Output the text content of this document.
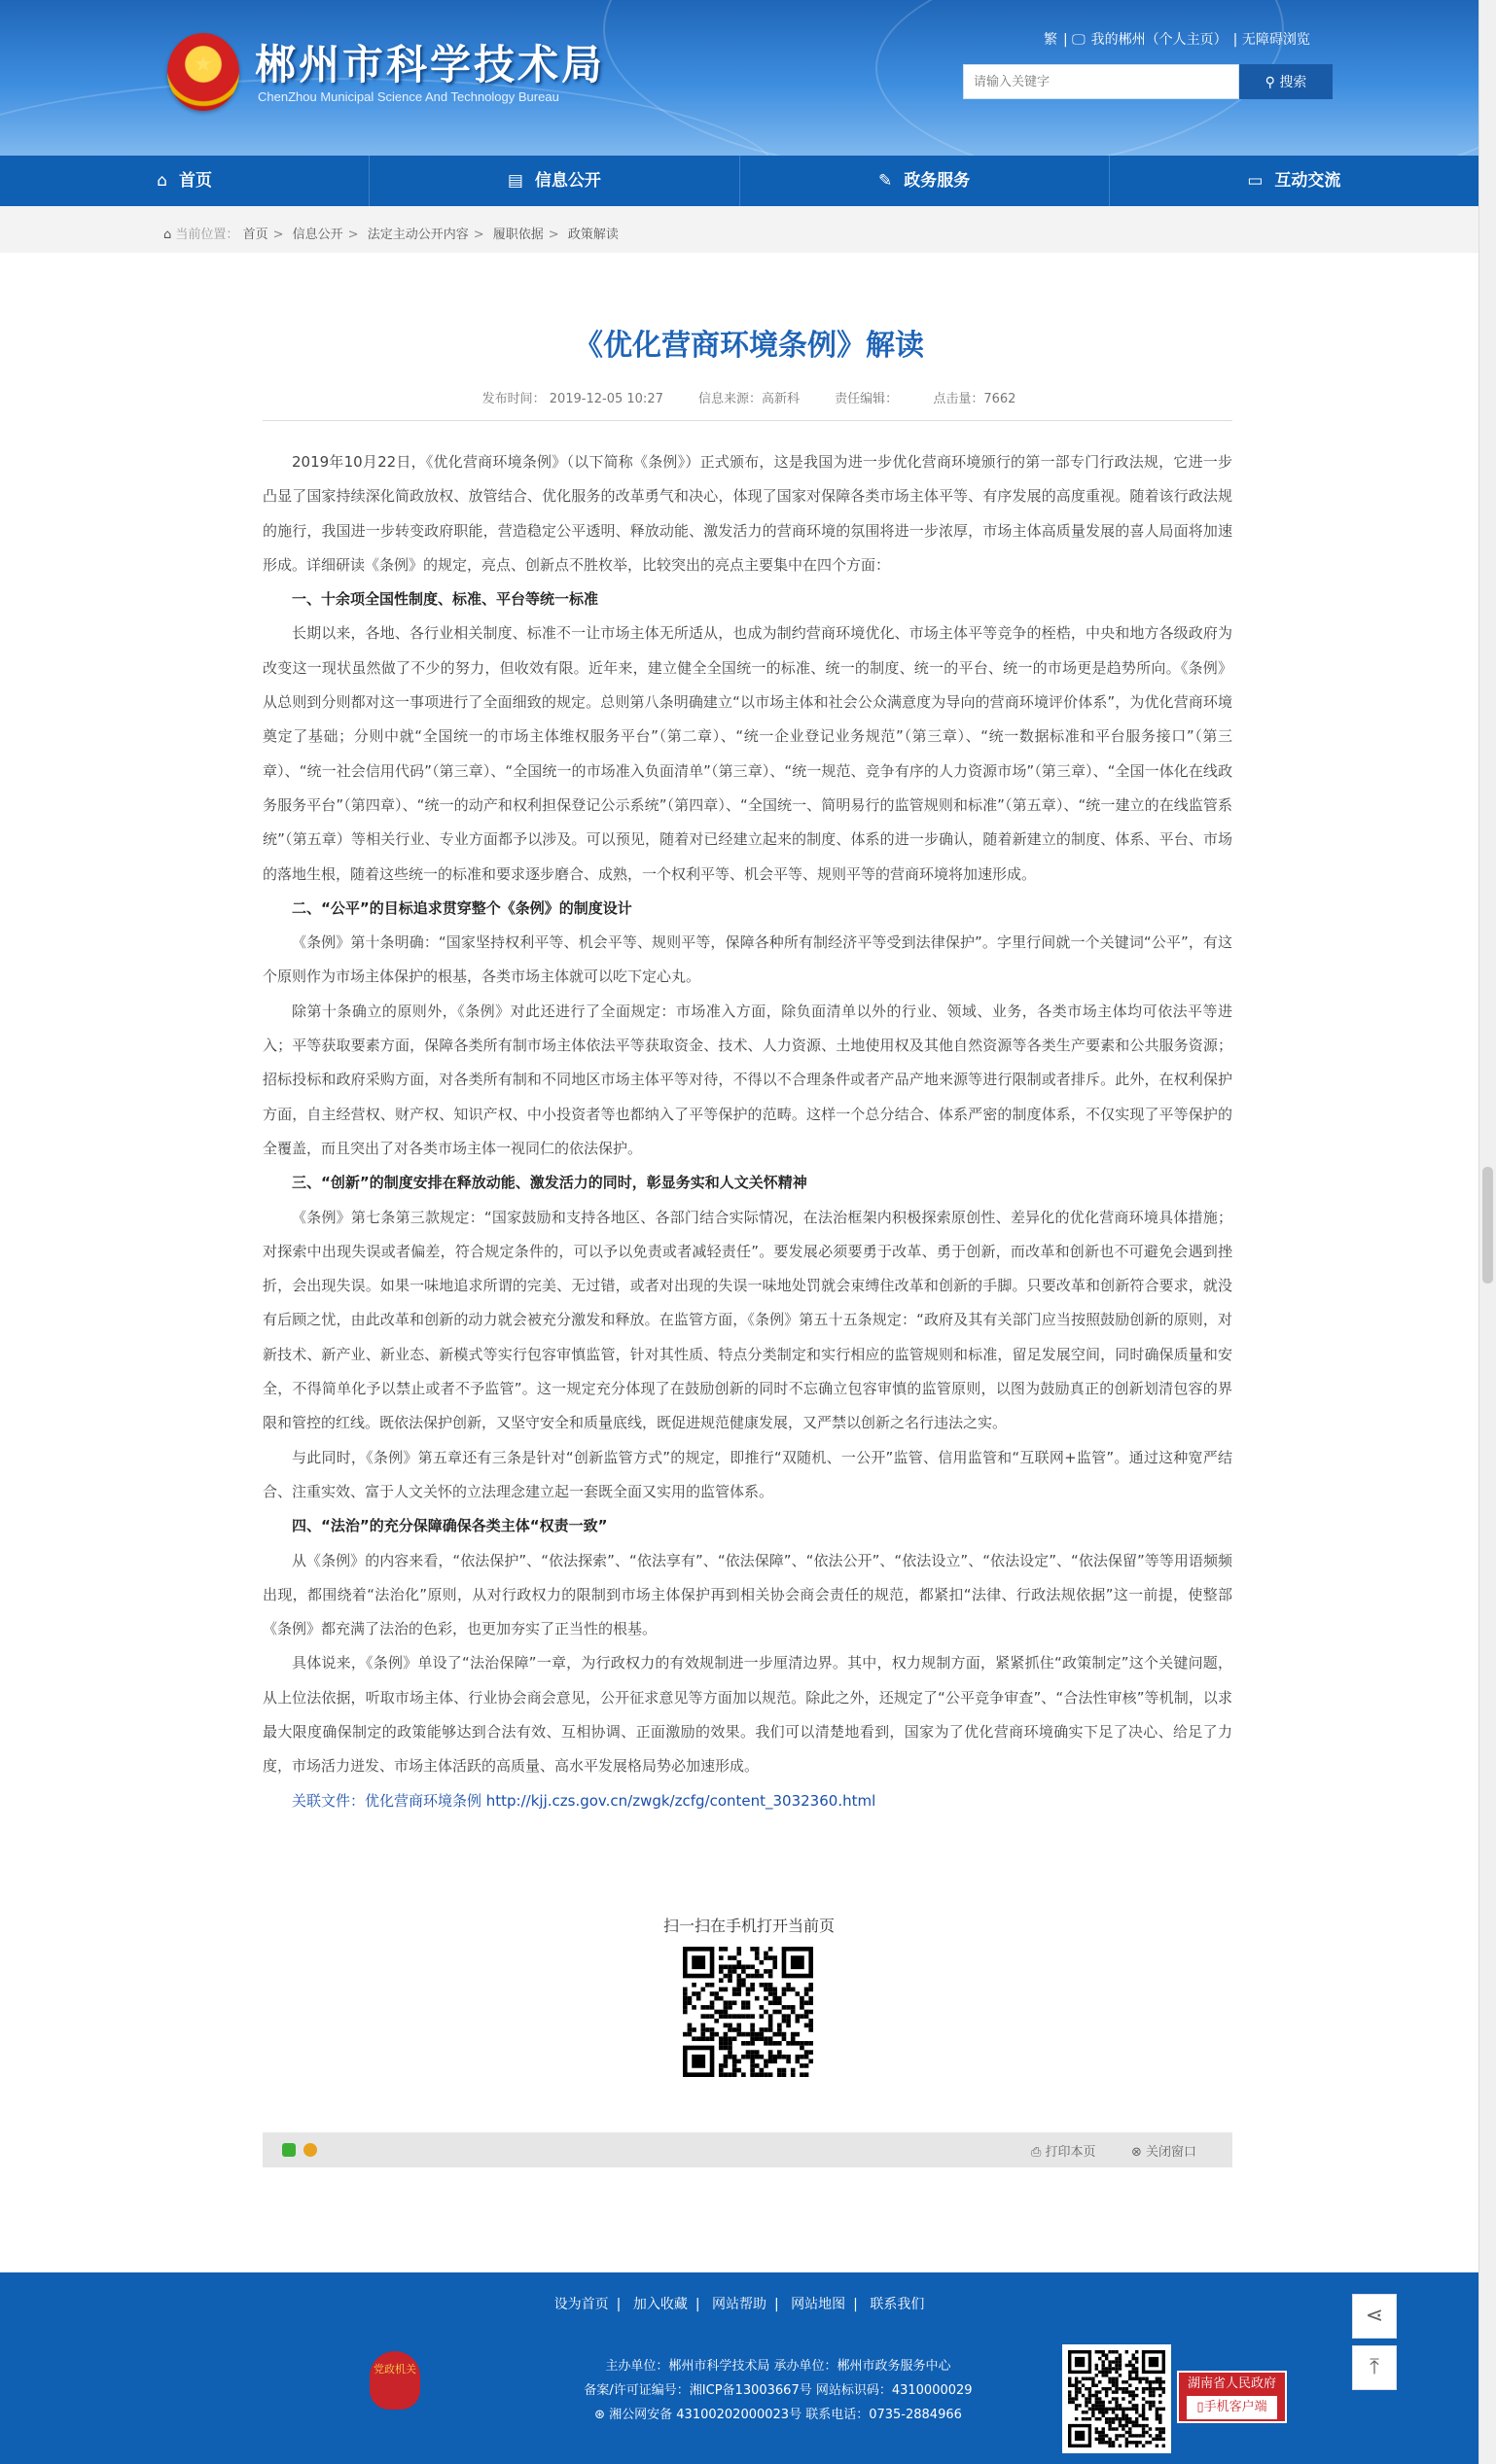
★	郴州市科学技术局
ChenZhou Municipal Science And Technology Bureau
繁 | 🖵 我的郴州（个人主页） | 无障碍浏览
请输入关键字
⚲ 搜索
⌂ 首页	▤ 信息公开	✎ 政务服务	▭ 互动交流
⌂ 当前位置： 首页 > 信息公开 > 法定主动公开内容 > 履职依据 > 政策解读
《优化营商环境条例》解读
发布时间： 2019-12-05 10:27	信息来源：高新科	责任编辑：	点击量：7662

2019年10月22日，《优化营商环境条例》（以下简称《条例》）正式颁布，这是我国为进一步优化营商环境颁行的第一部专门行政法规，它进一步凸显了国家持续深化简政放权、放管结合、优化服务的改革勇气和决心，体现了国家对保障各类市场主体平等、有序发展的高度重视。随着该行政法规的施行，我国进一步转变政府职能，营造稳定公平透明、释放动能、激发活力的营商环境的氛围将进一步浓厚，市场主体高质量发展的喜人局面将加速形成。详细研读《条例》的规定，亮点、创新点不胜枚举，比较突出的亮点主要集中在四个方面：

一、十余项全国性制度、标准、平台等统一标准

长期以来，各地、各行业相关制度、标准不一让市场主体无所适从，也成为制约营商环境优化、市场主体平等竞争的桎梏，中央和地方各级政府为改变这一现状虽然做了不少的努力，但收效有限。近年来，建立健全全国统一的标准、统一的制度、统一的平台、统一的市场更是趋势所向。《条例》从总则到分则都对这一事项进行了全面细致的规定。总则第八条明确建立“以市场主体和社会公众满意度为导向的营商环境评价体系”，为优化营商环境奠定了基础；分则中就“全国统一的市场主体维权服务平台”（第二章）、“统一企业登记业务规范”（第三章）、“统一数据标准和平台服务接口”（第三章）、“统一社会信用代码”（第三章）、“全国统一的市场准入负面清单”（第三章）、“统一规范、竞争有序的人力资源市场”（第三章）、“全国一体化在线政务服务平台”（第四章）、“统一的动产和权利担保登记公示系统”（第四章）、“全国统一、简明易行的监管规则和标准”（第五章）、“统一建立的在线监管系统”（第五章）等相关行业、专业方面都予以涉及。可以预见，随着对已经建立起来的制度、体系的进一步确认，随着新建立的制度、体系、平台、市场的落地生根，随着这些统一的标准和要求逐步磨合、成熟，一个权利平等、机会平等、规则平等的营商环境将加速形成。

二、“公平”的目标追求贯穿整个《条例》的制度设计

《条例》第十条明确：“国家坚持权利平等、机会平等、规则平等，保障各种所有制经济平等受到法律保护”。字里行间就一个关键词“公平”，有这个原则作为市场主体保护的根基，各类市场主体就可以吃下定心丸。

除第十条确立的原则外，《条例》对此还进行了全面规定：市场准入方面，除负面清单以外的行业、领域、业务，各类市场主体均可依法平等进入；平等获取要素方面，保障各类所有制市场主体依法平等获取资金、技术、人力资源、土地使用权及其他自然资源等各类生产要素和公共服务资源；招标投标和政府采购方面，对各类所有制和不同地区市场主体平等对待，不得以不合理条件或者产品产地来源等进行限制或者排斥。此外，在权利保护方面，自主经营权、财产权、知识产权、中小投资者等也都纳入了平等保护的范畴。这样一个总分结合、体系严密的制度体系，不仅实现了平等保护的全覆盖，而且突出了对各类市场主体一视同仁的依法保护。

三、“创新”的制度安排在释放动能、激发活力的同时，彰显务实和人文关怀精神

《条例》第七条第三款规定：“国家鼓励和支持各地区、各部门结合实际情况，在法治框架内积极探索原创性、差异化的优化营商环境具体措施；对探索中出现失误或者偏差，符合规定条件的，可以予以免责或者减轻责任”。要发展必须要勇于改革、勇于创新，而改革和创新也不可避免会遇到挫折，会出现失误。如果一味地追求所谓的完美、无过错，或者对出现的失误一味地处罚就会束缚住改革和创新的手脚。只要改革和创新符合要求，就没有后顾之忧，由此改革和创新的动力就会被充分激发和释放。在监管方面，《条例》第五十五条规定：“政府及其有关部门应当按照鼓励创新的原则，对新技术、新产业、新业态、新模式等实行包容审慎监管，针对其性质、特点分类制定和实行相应的监管规则和标准，留足发展空间，同时确保质量和安全，不得简单化予以禁止或者不予监管”。这一规定充分体现了在鼓励创新的同时不忘确立包容审慎的监管原则，以图为鼓励真正的创新划清包容的界限和管控的红线。既依法保护创新，又坚守安全和质量底线，既促进规范健康发展，又严禁以创新之名行违法之实。

与此同时，《条例》第五章还有三条是针对“创新监管方式”的规定，即推行“双随机、一公开”监管、信用监管和“互联网+监管”。通过这种宽严结合、注重实效、富于人文关怀的立法理念建立起一套既全面又实用的监管体系。

四、“法治”的充分保障确保各类主体“权责一致”

从《条例》的内容来看，“依法保护”、“依法探索”、“依法享有”、“依法保障”、“依法公开”、“依法设立”、“依法设定”、“依法保留”等等用语频频出现，都围绕着“法治化”原则，从对行政权力的限制到市场主体保护再到相关协会商会责任的规范，都紧扣“法律、行政法规依据”这一前提，使整部《条例》都充满了法治的色彩，也更加夯实了正当性的根基。

具体说来，《条例》单设了“法治保障”一章，为行政权力的有效规制进一步厘清边界。其中，权力规制方面，紧紧抓住“政策制定”这个关键问题，从上位法依据，听取市场主体、行业协会商会意见，公开征求意见等方面加以规范。除此之外，还规定了“公平竞争审查”、“合法性审核”等机制，以求最大限度确保制定的政策能够达到合法有效、互相协调、正面激励的效果。我们可以清楚地看到，国家为了优化营商环境确实下足了决心、给足了力度，市场活力迸发、市场主体活跃的高质量、高水平发展格局势必加速形成。

关联文件：优化营商环境条例 http://kjj.czs.gov.cn/zwgk/zcfg/content_3032360.html

扫一扫在手机打开当前页

⎙ 打印本页	⊗ 关闭窗口
设为首页 | 加入收藏 | 网站帮助 | 网站地图 | 联系我们
主办单位：郴州市科学技术局 承办单位：郴州市政务服务中心
备案/许可证编号：湘ICP备13003667号 网站标识码：4310000029
⊛ 湘公网安备 43100202000023号 联系电话：0735-2884966
党政机关
湖南省人民政府
▯手机客户端
⋖
⤒
